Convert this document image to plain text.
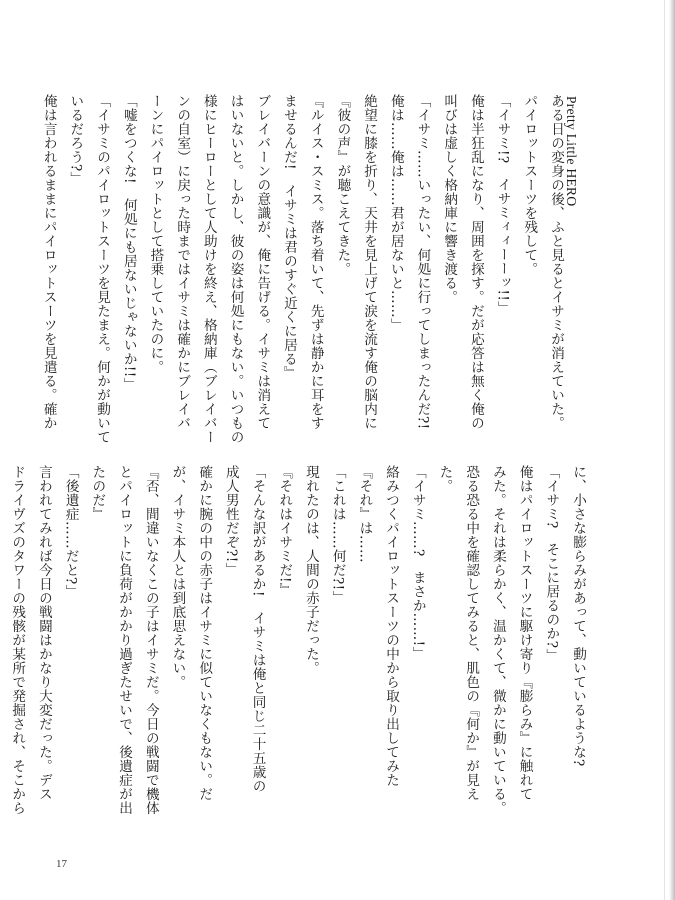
Pretty Little HERO
ある日の変身の後、ふと見るとイサミが消えていた。
パイロットスーツを残して。
「イサミ!?　イサミィィーーッ!!」
俺は半狂乱になり、周囲を探す。だが応答は無く俺の
叫びは虚しく格納庫に響き渡る。
「イサミ……いったい、何処に行ってしまったんだ?!
俺は……俺は……君が居ないと……」
絶望に膝を折り、天井を見上げて涙を流す俺の脳内に
『彼の声』が聴こえてきた。
『ルイス・スミス。落ち着いて、先ずは静かに耳をす
ませるんだ!　イサミは君のすぐ近くに居る』
ブレイバーンの意識が、俺に告げる。イサミは消えて
はいないと。しかし、彼の姿は何処にもない。いつもの
様にヒーローとして人助けを終え、格納庫（ブレイバー
ンの自室）に戻った時まではイサミは確かにブレイバ
ーンにパイロットとして搭乗していたのに。
「嘘をつくな!　何処にも居ないじゃないか!!」
「イサミのパイロットスーツを見たまえ。何かが動いて
いるだろう?」
俺は言われるままにパイロットスーツを見遣る。確か
に、小さな膨らみがあって、動いているような?
「イサミ?　そこに居るのか?」
俺はパイロットスーツに駆け寄り『膨らみ』に触れて
みた。それは柔らかく、温かくて、微かに動いている。
恐る恐る中を確認してみると、肌色の『何か』が見え
た。
「イサミ……?　まさか……!」
絡みつくパイロットスーツの中から取り出してみた
『それ』は……
「これは……何だ?!」
現れたのは、人間の赤子だった。
『それはイサミだ!』
「そんな訳があるか!　イサミは俺と同じ二十五歳の
成人男性だぞ?!」
確かに腕の中の赤子はイサミに似ていなくもない。だ
が、イサミ本人とは到底思えない。
『否、間違いなくこの子はイサミだ。今日の戦闘で機体
とパイロットに負荷がかかり過ぎたせいで、後遺症が出
たのだ』
「後遺症……だと?」
言われてみれば今日の戦闘はかなり大変だった。デス
ドライヴズのタワーの残骸が某所で発掘され、そこから
17
